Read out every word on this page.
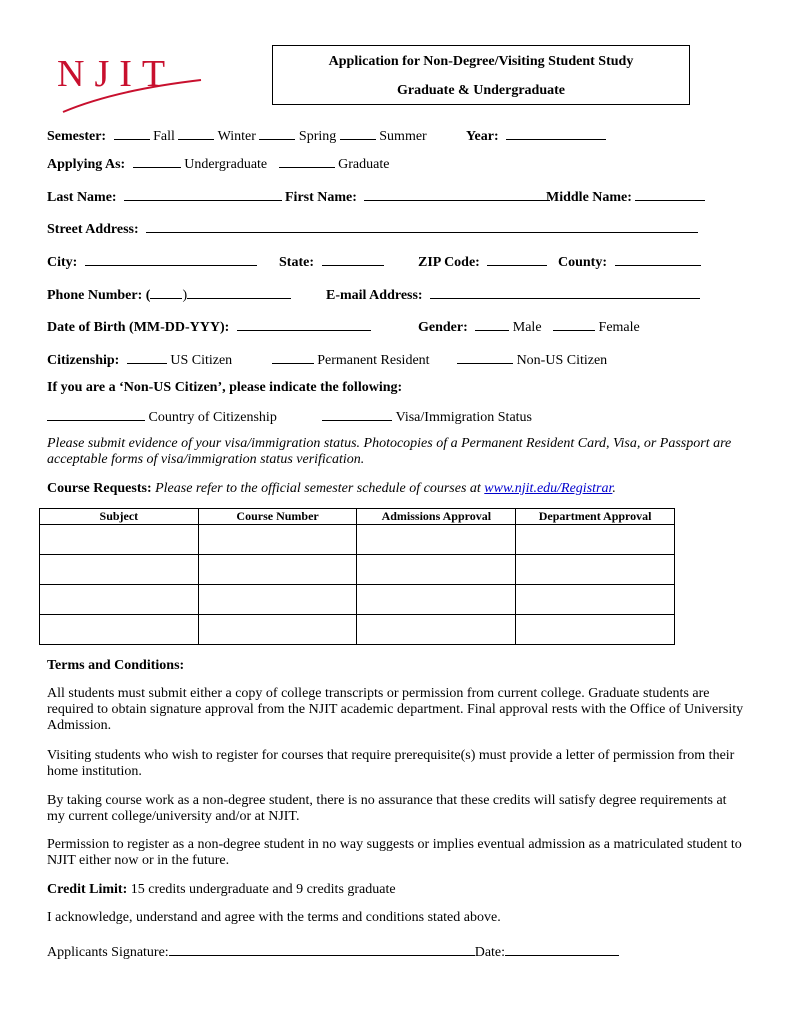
NJIT	Application for Non-Degree/Visiting Student Study
Graduate & Undergraduate
Semester:	Fall	Winter	Spring	Summer	Year:
Applying As:	Undergraduate	Graduate
Last Name:	First Name:	Middle Name:
Street Address:
City:	State:	ZIP Code:	County:
Phone Number: ( )	E-mail Address:
Date of Birth (MM-DD-YYY):	Gender:	Male	Female
Citizenship:	US Citizen	Permanent Resident	Non-US Citizen
If you are a ‘Non-US Citizen’, please indicate the following:
Country of Citizenship	Visa/Immigration Status
Please submit evidence of your visa/immigration status. Photocopies of a Permanent Resident Card, Visa, or Passport are acceptable forms of visa/immigration status verification.
Course Requests: Please refer to the official semester schedule of courses at www.njit.edu/Registrar.
Subject	Course Number	Admissions Approval	Department Approval

Terms and Conditions:
All students must submit either a copy of college transcripts or permission from current college. Graduate students are required to obtain signature approval from the NJIT academic department. Final approval rests with the Office of University Admission.
Visiting students who wish to register for courses that require prerequisite(s) must provide a letter of permission from their home institution.
By taking course work as a non-degree student, there is no assurance that these credits will satisfy degree requirements at my current college/university and/or at NJIT.
Permission to register as a non-degree student in no way suggests or implies eventual admission as a matriculated student to NJIT either now or in the future.
Credit Limit: 15 credits undergraduate and 9 credits graduate
I acknowledge, understand and agree with the terms and conditions stated above.
Applicants Signature:	Date:
